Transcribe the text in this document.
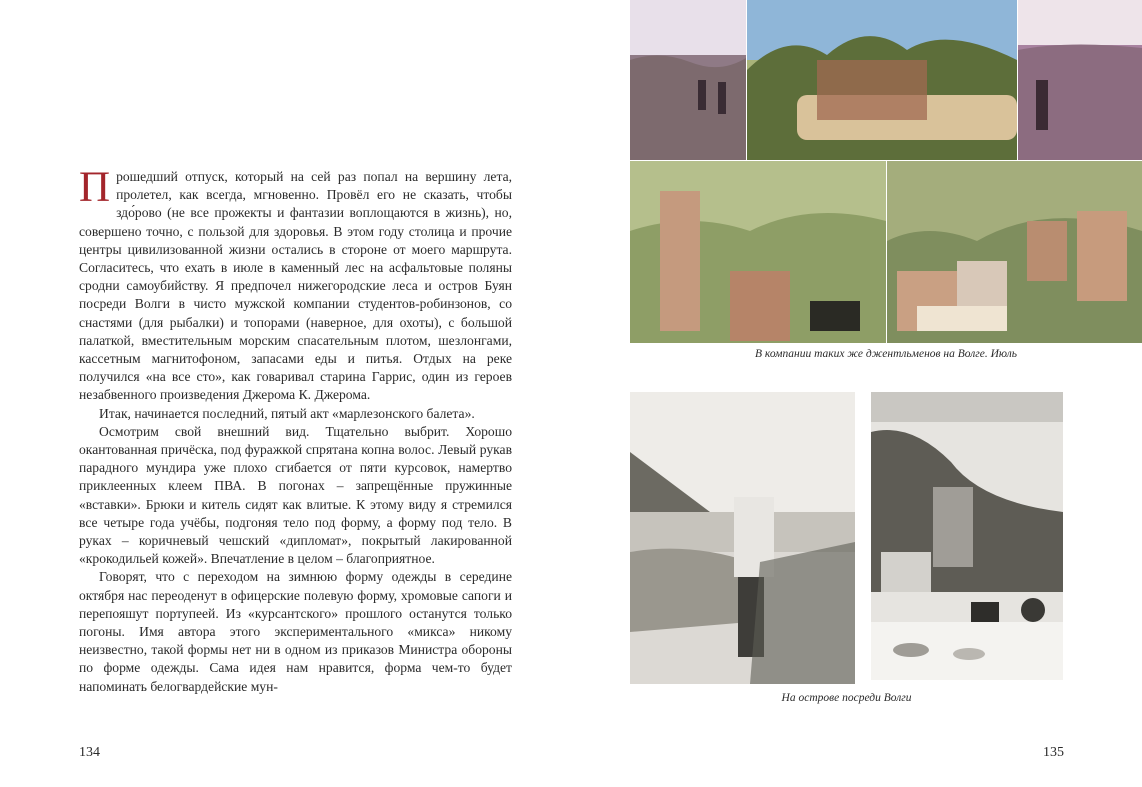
Прошедший отпуск, который на сей раз попал на вершину лета, пролетел, как всегда, мгновенно. Провёл его не сказать, чтобы здо́рово (не все прожекты и фантазии воплощаются в жизнь), но, совершено точно, с пользой для здоровья. В этом году столица и прочие центры цивилизованной жизни остались в стороне от моего маршрута. Согласитесь, что ехать в июле в каменный лес на асфальтовые поляны сродни самоубийству. Я предпочел нижегородские леса и остров Буян посреди Волги в чисто мужской компании студентов-робинзонов, со снастями (для рыбалки) и топорами (наверное, для охоты), с большой палаткой, вместительным морским спасательным плотом, шезлонгами, кассетным магнитофоном, запасами еды и питья. Отдых на реке получился «на все сто», как говаривал старина Гаррис, один из героев незабвенного произведения Джерома К. Джерома.

Итак, начинается последний, пятый акт «марлезонского балета».

Осмотрим свой внешний вид. Тщательно выбрит. Хорошо окантованная причёска, под фуражкой спрятана копна волос. Левый рукав парадного мундира уже плохо сгибается от пяти курсовок, намертво приклеенных клеем ПВА. В погонах – запрещённые пружинные «вставки». Брюки и китель сидят как влитые. К этому виду я стремился все четыре года учёбы, подгоняя тело под форму, а форму под тело. В руках – коричневый чешский «дипломат», покрытый лакированной «крокодильей кожей». Впечатление в целом – благоприятное.

Говорят, что с переходом на зимнюю форму одежды в середине октября нас переоденут в офицерские полевую форму, хромовые сапоги и перепояшут портупеей. Из «курсантского» прошлого останутся только погоны. Имя автора этого экспериментального «микса» никому неизвестно, такой формы нет ни в одном из приказов Министра обороны по форме одежды. Сама идея нам нравится, форма чем-то будет напоминать белогвардейские мун-

134
В компании таких же джентльменов на Волге. Июль
На острове посреди Волги
135
